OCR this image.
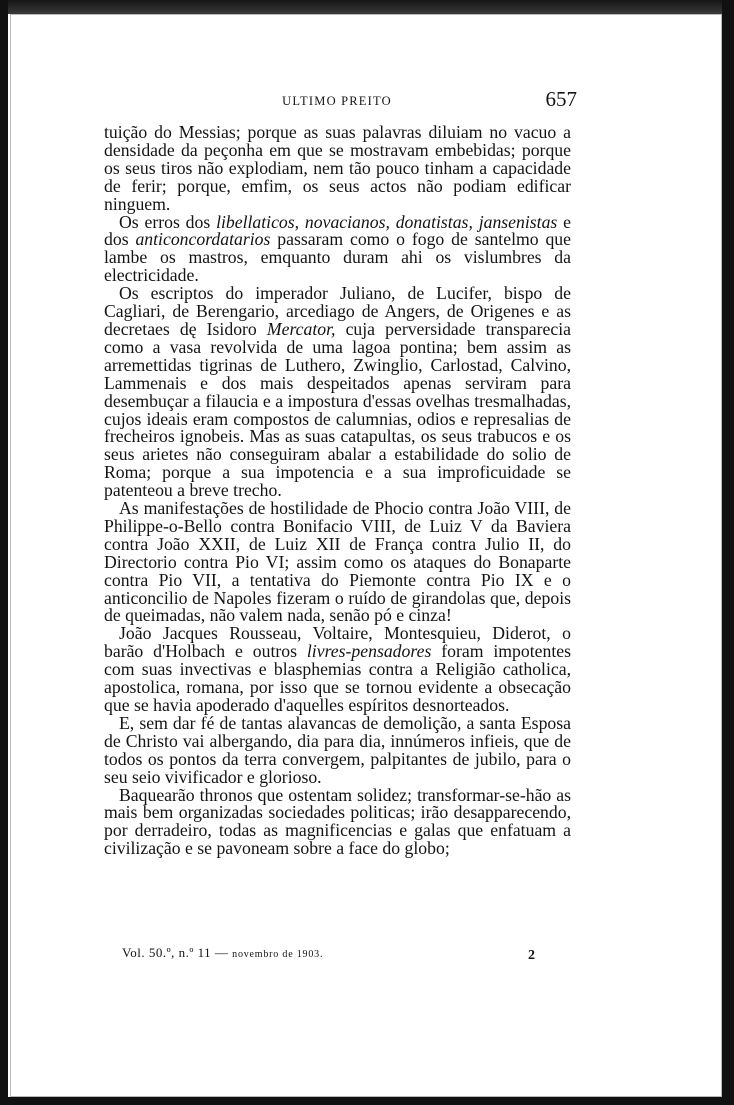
ULTIMO PREITO	657

tuição do Messias; porque as suas palavras diluiam no vacuo a densidade da peçonha em que se mostravam embebidas; porque os seus tiros não explodiam, nem tão pouco tinham a capacidade de ferir; porque, emfim, os seus actos não podiam edificar ninguem.

Os erros dos libellaticos, novacianos, donatistas, jansenistas e dos anticoncordatarios passaram como o fogo de santelmo que lambe os mastros, emquanto duram ahi os vislumbres da electricidade.

Os escriptos do imperador Juliano, de Lucifer, bispo de Cagliari, de Berengario, arcediago de Angers, de Origenes e as decretaes dę Isidoro Mercator, cuja perversidade transparecia como a vasa revolvida de uma lagoa pontina; bem assim as arremettidas tigrinas de Luthero, Zwinglio, Carlostad, Calvino, Lammenais e dos mais despeitados apenas serviram para desembuçar a filaucia e a impostura d'essas ovelhas tresmalhadas, cujos ideais eram compostos de calumnias, odios e represalias de frecheiros ignobeis. Mas as suas catapultas, os seus trabucos e os seus arietes não conseguiram abalar a estabilidade do solio de Roma; porque a sua impotencia e a sua improficuidade se patenteou a breve trecho.

As manifestações de hostilidade de Phocio contra João VIII, de Philippe-o-Bello contra Bonifacio VIII, de Luiz V da Baviera contra João XXII, de Luiz XII de França contra Julio II, do Directorio contra Pio VI; assim como os ataques do Bonaparte contra Pio VII, a tentativa do Piemonte contra Pio IX e o anticoncilio de Napoles fizeram o ruído de girandolas que, depois de queimadas, não valem nada, senão pó e cinza!

João Jacques Rousseau, Voltaire, Montesquieu, Diderot, o barão d'Holbach e outros livres-pensadores foram impotentes com suas invectivas e blasphemias contra a Religião catholica, apostolica, romana, por isso que se tornou evidente a obsecação que se havia apoderado d'aquelles espíritos desnorteados.

E, sem dar fé de tantas alavancas de demolição, a santa Esposa de Christo vai albergando, dia para dia, innúmeros infieis, que de todos os pontos da terra convergem, palpitantes de jubilo, para o seu seio vivificador e glorioso.

Baquearão thronos que ostentam solidez; transformar-se-hão as mais bem organizadas sociedades politicas; irão desapparecendo, por derradeiro, todas as magnificencias e galas que enfatuam a civilização e se pavoneam sobre a face do globo;

Vol. 50.º, n.º 11 — novembro de 1903.	2
